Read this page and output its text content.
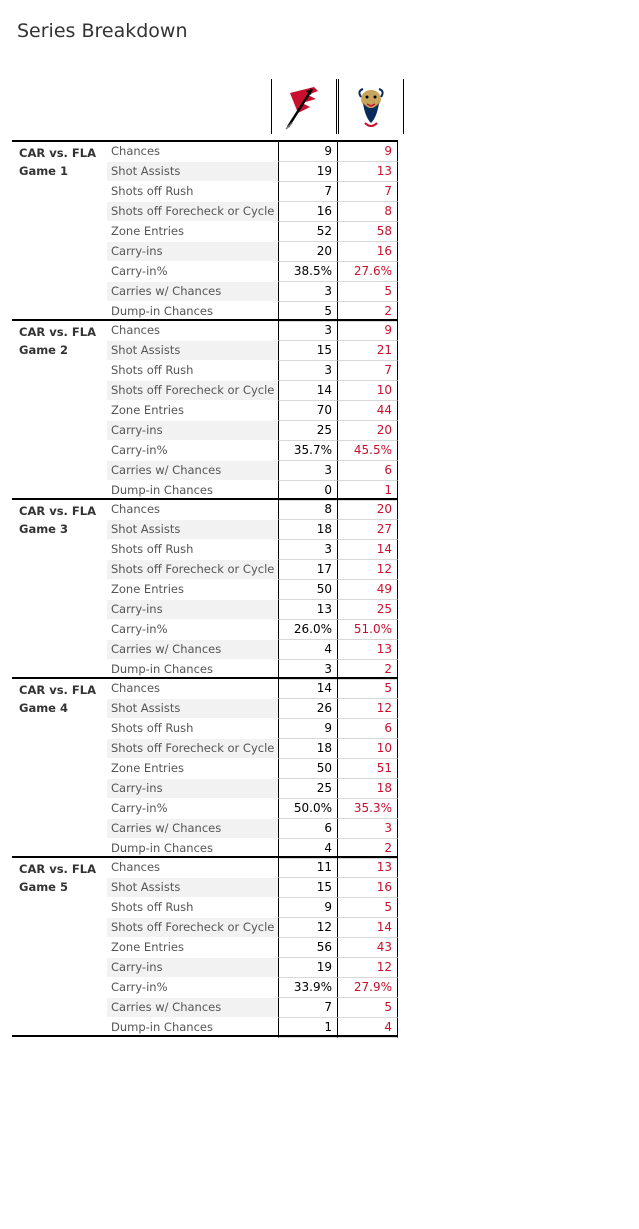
Series Breakdown
CAR vs. FLA
Game 1
Chances	9	9
Shot Assists	19	13
Shots off Rush	7	7
Shots off Forecheck or Cycle	16	8
Zone Entries	52	58
Carry-ins	20	16
Carry-in%	38.5%	27.6%
Carries w/ Chances	3	5
Dump-in Chances	5	2
CAR vs. FLA
Game 2
Chances	3	9
Shot Assists	15	21
Shots off Rush	3	7
Shots off Forecheck or Cycle	14	10
Zone Entries	70	44
Carry-ins	25	20
Carry-in%	35.7%	45.5%
Carries w/ Chances	3	6
Dump-in Chances	0	1
CAR vs. FLA
Game 3
Chances	8	20
Shot Assists	18	27
Shots off Rush	3	14
Shots off Forecheck or Cycle	17	12
Zone Entries	50	49
Carry-ins	13	25
Carry-in%	26.0%	51.0%
Carries w/ Chances	4	13
Dump-in Chances	3	2
CAR vs. FLA
Game 4
Chances	14	5
Shot Assists	26	12
Shots off Rush	9	6
Shots off Forecheck or Cycle	18	10
Zone Entries	50	51
Carry-ins	25	18
Carry-in%	50.0%	35.3%
Carries w/ Chances	6	3
Dump-in Chances	4	2
CAR vs. FLA
Game 5
Chances	11	13
Shot Assists	15	16
Shots off Rush	9	5
Shots off Forecheck or Cycle	12	14
Zone Entries	56	43
Carry-ins	19	12
Carry-in%	33.9%	27.9%
Carries w/ Chances	7	5
Dump-in Chances	1	4
